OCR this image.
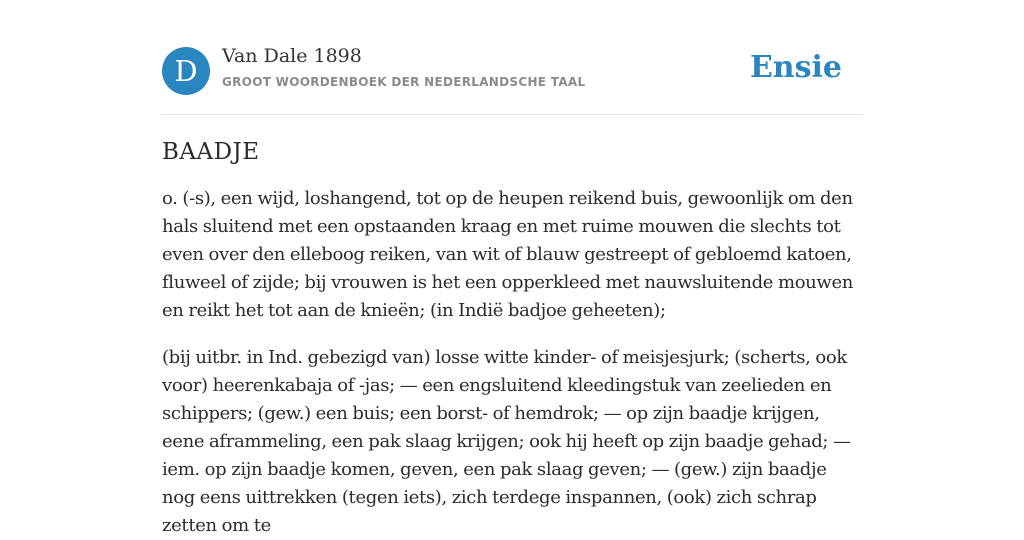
D	Van Dale 1898
GROOT WOORDENBOEK DER NEDERLANDSCHE TAAL	Ensie
BAADJE

o. (-s), een wijd, loshangend, tot op de heupen reikend buis, gewoonlijk om den hals sluitend met een opstaanden kraag en met ruime mouwen die slechts tot even over den elleboog reiken, van wit of blauw gestreept of gebloemd katoen, fluweel of zijde; bij vrouwen is het een opperkleed met nauwsluitende mouwen en reikt het tot aan de knieën; (in Indië badjoe geheeten);

(bij uitbr. in Ind. gebezigd van) losse witte kinder- of meisjesjurk; (scherts, ook voor) heerenkabaja of -jas; — een engsluitend kleedingstuk van zeelieden en schippers; (gew.) een buis; een borst- of hemdrok; — op zijn baadje krijgen, eene aframmeling, een pak slaag krijgen; ook hij heeft op zijn baadje gehad; — iem. op zijn baadje komen, geven, een pak slaag geven; — (gew.) zijn baadje nog eens uittrekken (tegen iets), zich terdege inspannen, (ook) zich schrap zetten om te
